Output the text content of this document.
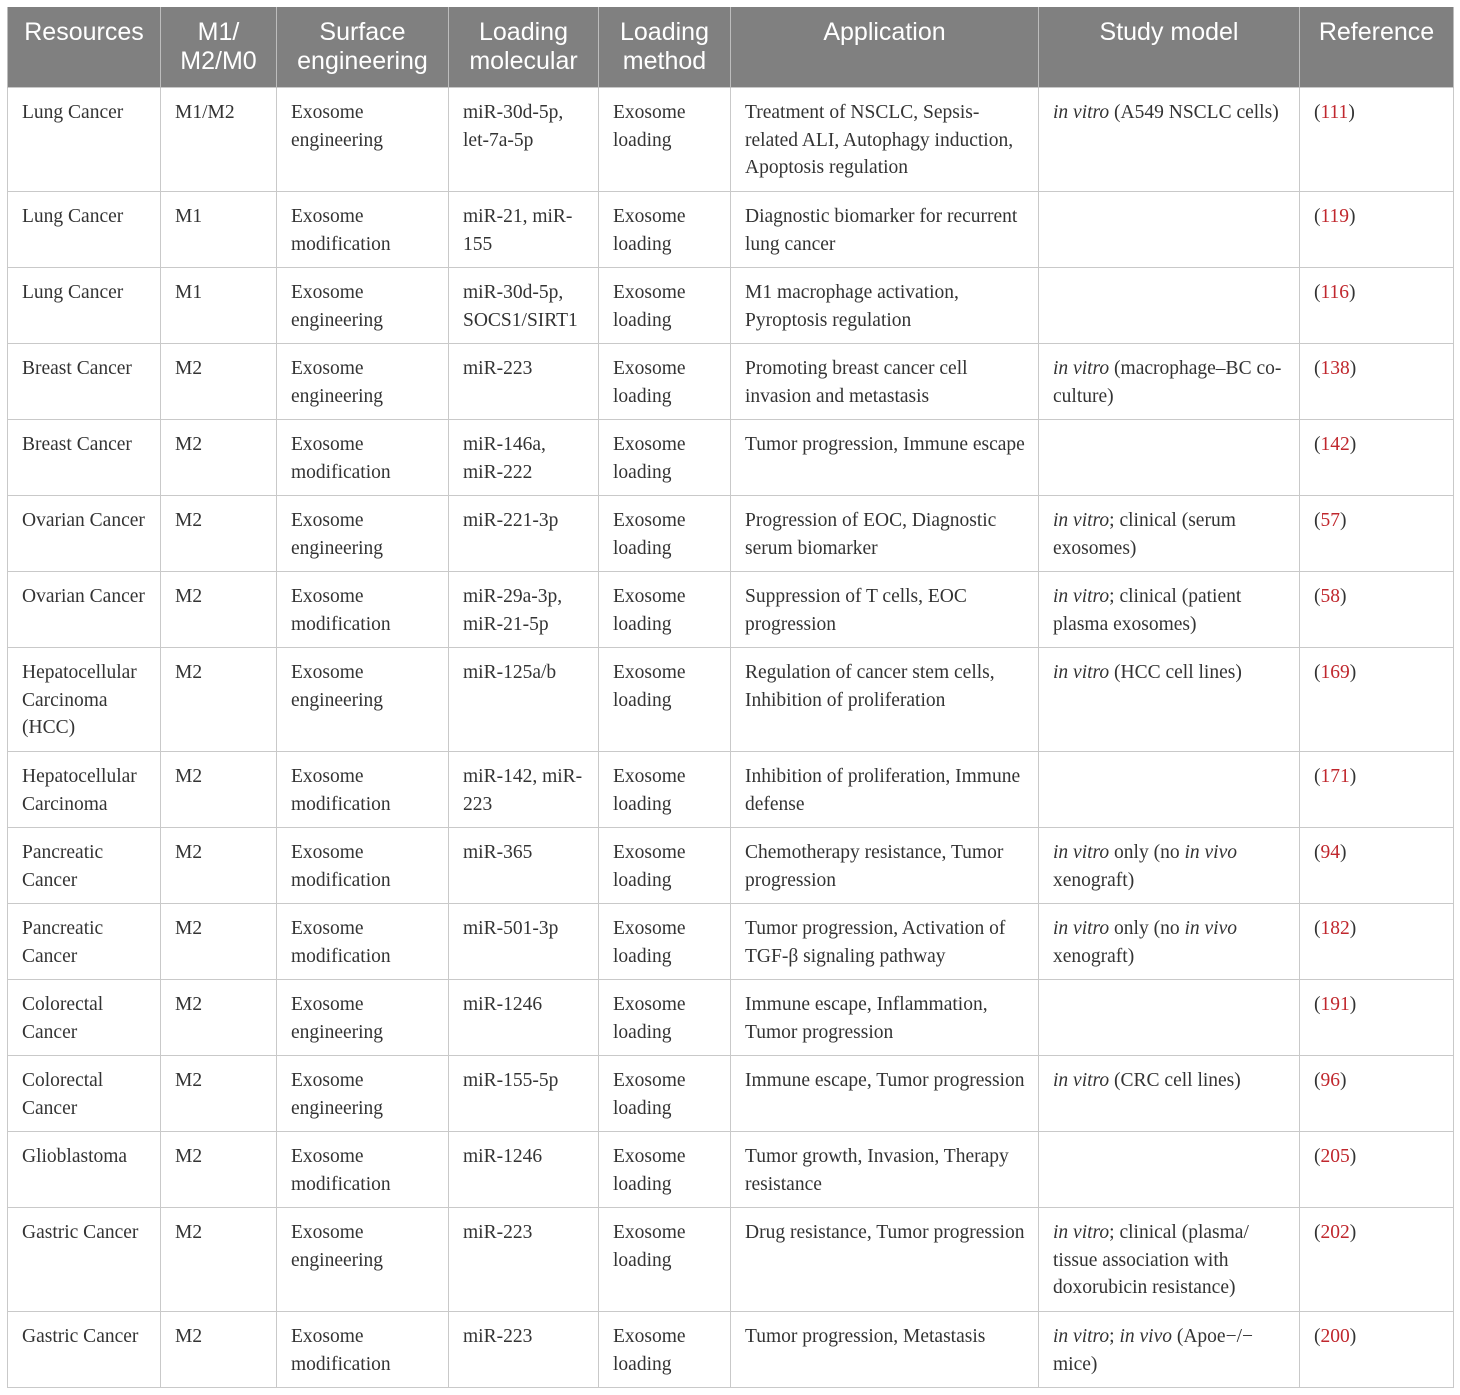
Resources	M1/ M2/M0	Surface engineering	Loading molecular	Loading method	Application	Study model	Reference
Lung Cancer	M1/M2	Exosome engineering	miR-30d-5p, let-7a-5p	Exosome loading	Treatment of NSCLC, Sepsis-related ALI, Autophagy induction, Apoptosis regulation	in vitro (A549 NSCLC cells)	(111)
Lung Cancer	M1	Exosome modification	miR-21, miR-155	Exosome loading	Diagnostic biomarker for recurrent lung cancer		(119)
Lung Cancer	M1	Exosome engineering	miR-30d-5p, SOCS1/SIRT1	Exosome loading	M1 macrophage activation, Pyroptosis regulation		(116)
Breast Cancer	M2	Exosome engineering	miR-223	Exosome loading	Promoting breast cancer cell invasion and metastasis	in vitro (macrophage–BC co-culture)	(138)
Breast Cancer	M2	Exosome modification	miR-146a, miR-222	Exosome loading	Tumor progression, Immune escape		(142)
Ovarian Cancer	M2	Exosome engineering	miR-221-3p	Exosome loading	Progression of EOC, Diagnostic serum biomarker	in vitro; clinical (serum exosomes)	(57)
Ovarian Cancer	M2	Exosome modification	miR-29a-3p, miR-21-5p	Exosome loading	Suppression of T cells, EOC progression	in vitro; clinical (patient plasma exosomes)	(58)
Hepatocellular Carcinoma (HCC)	M2	Exosome engineering	miR-125a/b	Exosome loading	Regulation of cancer stem cells, Inhibition of proliferation	in vitro (HCC cell lines)	(169)
Hepatocellular Carcinoma	M2	Exosome modification	miR-142, miR-223	Exosome loading	Inhibition of proliferation, Immune defense		(171)
Pancreatic Cancer	M2	Exosome modification	miR-365	Exosome loading	Chemotherapy resistance, Tumor progression	in vitro only (no in vivo xenograft)	(94)
Pancreatic Cancer	M2	Exosome modification	miR-501-3p	Exosome loading	Tumor progression, Activation of TGF-β signaling pathway	in vitro only (no in vivo xenograft)	(182)
Colorectal Cancer	M2	Exosome engineering	miR-1246	Exosome loading	Immune escape, Inflammation, Tumor progression		(191)
Colorectal Cancer	M2	Exosome engineering	miR-155-5p	Exosome loading	Immune escape, Tumor progression	in vitro (CRC cell lines)	(96)
Glioblastoma	M2	Exosome modification	miR-1246	Exosome loading	Tumor growth, Invasion, Therapy resistance		(205)
Gastric Cancer	M2	Exosome engineering	miR-223	Exosome loading	Drug resistance, Tumor progression	in vitro; clinical (plasma/ tissue association with doxorubicin resistance)	(202)
Gastric Cancer	M2	Exosome modification	miR-223	Exosome loading	Tumor progression, Metastasis	in vitro; in vivo (Apoe−/− mice)	(200)
